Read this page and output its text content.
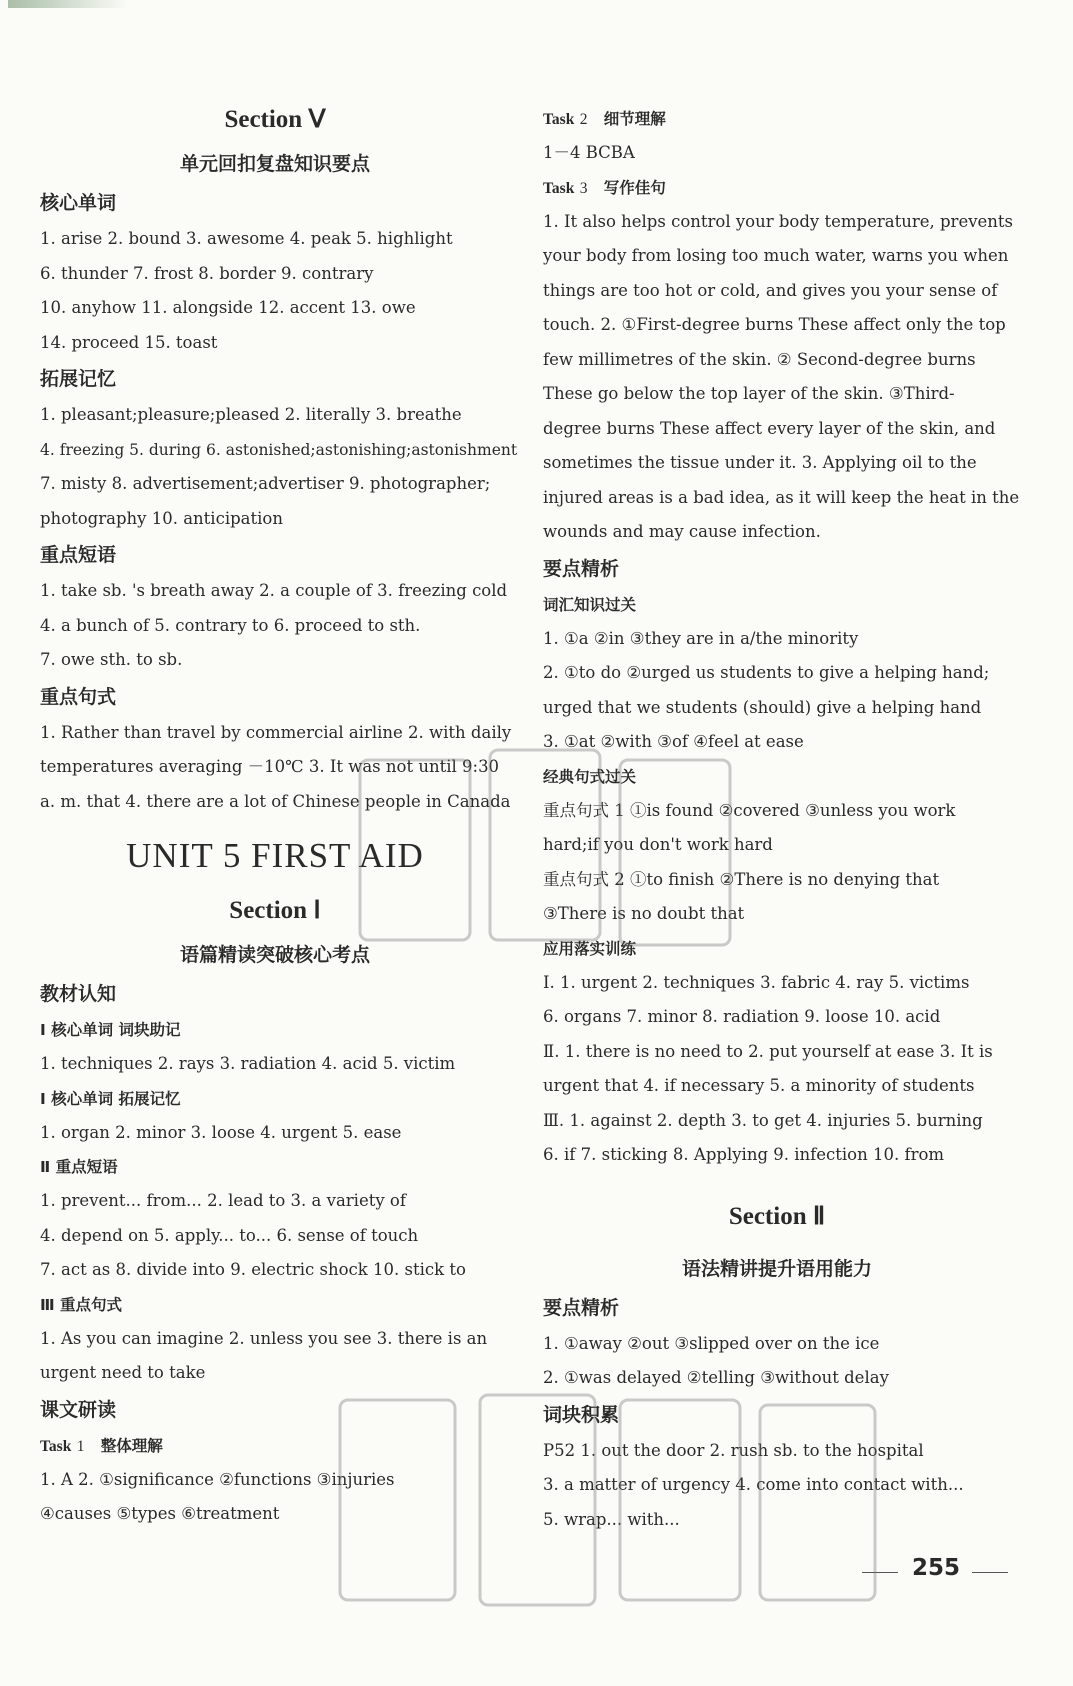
Section Ⅴ

单元回扣复盘知识要点

核心单词

1. arise 2. bound 3. awesome 4. peak 5. highlight

6. thunder 7. frost 8. border 9. contrary

10. anyhow 11. alongside 12. accent 13. owe

14. proceed 15. toast

拓展记忆

1. pleasant;pleasure;pleased 2. literally 3. breathe

4. freezing 5. during 6. astonished;astonishing;astonishment

7. misty 8. advertisement;advertiser 9. photographer;

photography 10. anticipation

重点短语

1. take sb. 's breath away 2. a couple of 3. freezing cold

4. a bunch of 5. contrary to 6. proceed to sth.

7. owe sth. to sb.

重点句式

1. Rather than travel by commercial airline 2. with daily

temperatures averaging －10℃ 3. It was not until 9:30

a. m. that 4. there are a lot of Chinese people in Canada

UNIT 5 FIRST AID

Section Ⅰ

语篇精读突破核心考点

教材认知

Ⅰ 核心单词 词块助记

1. techniques 2. rays 3. radiation 4. acid 5. victim

Ⅰ 核心单词 拓展记忆

1. organ 2. minor 3. loose 4. urgent 5. ease

Ⅱ 重点短语

1. prevent... from... 2. lead to 3. a variety of

4. depend on 5. apply... to... 6. sense of touch

7. act as 8. divide into 9. electric shock 10. stick to

Ⅲ 重点句式

1. As you can imagine 2. unless you see 3. there is an

urgent need to take

课文研读

Task 1 整体理解

1. A 2. ①significance ②functions ③injuries

④causes ⑤types ⑥treatment

Task 2 细节理解

1－4 BCBA

Task 3 写作佳句

1. It also helps control your body temperature, prevents

your body from losing too much water, warns you when

things are too hot or cold, and gives you your sense of

touch. 2. ①First-degree burns These affect only the top

few millimetres of the skin. ② Second-degree burns

These go below the top layer of the skin. ③Third-

degree burns These affect every layer of the skin, and

sometimes the tissue under it. 3. Applying oil to the

injured areas is a bad idea, as it will keep the heat in the

wounds and may cause infection.

要点精析

词汇知识过关

1. ①a ②in ③they are in a/the minority

2. ①to do ②urged us students to give a helping hand;

urged that we students (should) give a helping hand

3. ①at ②with ③of ④feel at ease

经典句式过关

重点句式 1 ①is found ②covered ③unless you work

hard;if you don't work hard

重点句式 2 ①to finish ②There is no denying that

③There is no doubt that

应用落实训练

Ⅰ. 1. urgent 2. techniques 3. fabric 4. ray 5. victims

6. organs 7. minor 8. radiation 9. loose 10. acid

Ⅱ. 1. there is no need to 2. put yourself at ease 3. It is

urgent that 4. if necessary 5. a minority of students

Ⅲ. 1. against 2. depth 3. to get 4. injuries 5. burning

6. if 7. sticking 8. Applying 9. infection 10. from

Section Ⅱ

语法精讲提升语用能力

要点精析

1. ①away ②out ③slipped over on the ice

2. ①was delayed ②telling ③without delay

词块积累

P52 1. out the door 2. rush sb. to the hospital

3. a matter of urgency 4. come into contact with...

5. wrap... with...

255
